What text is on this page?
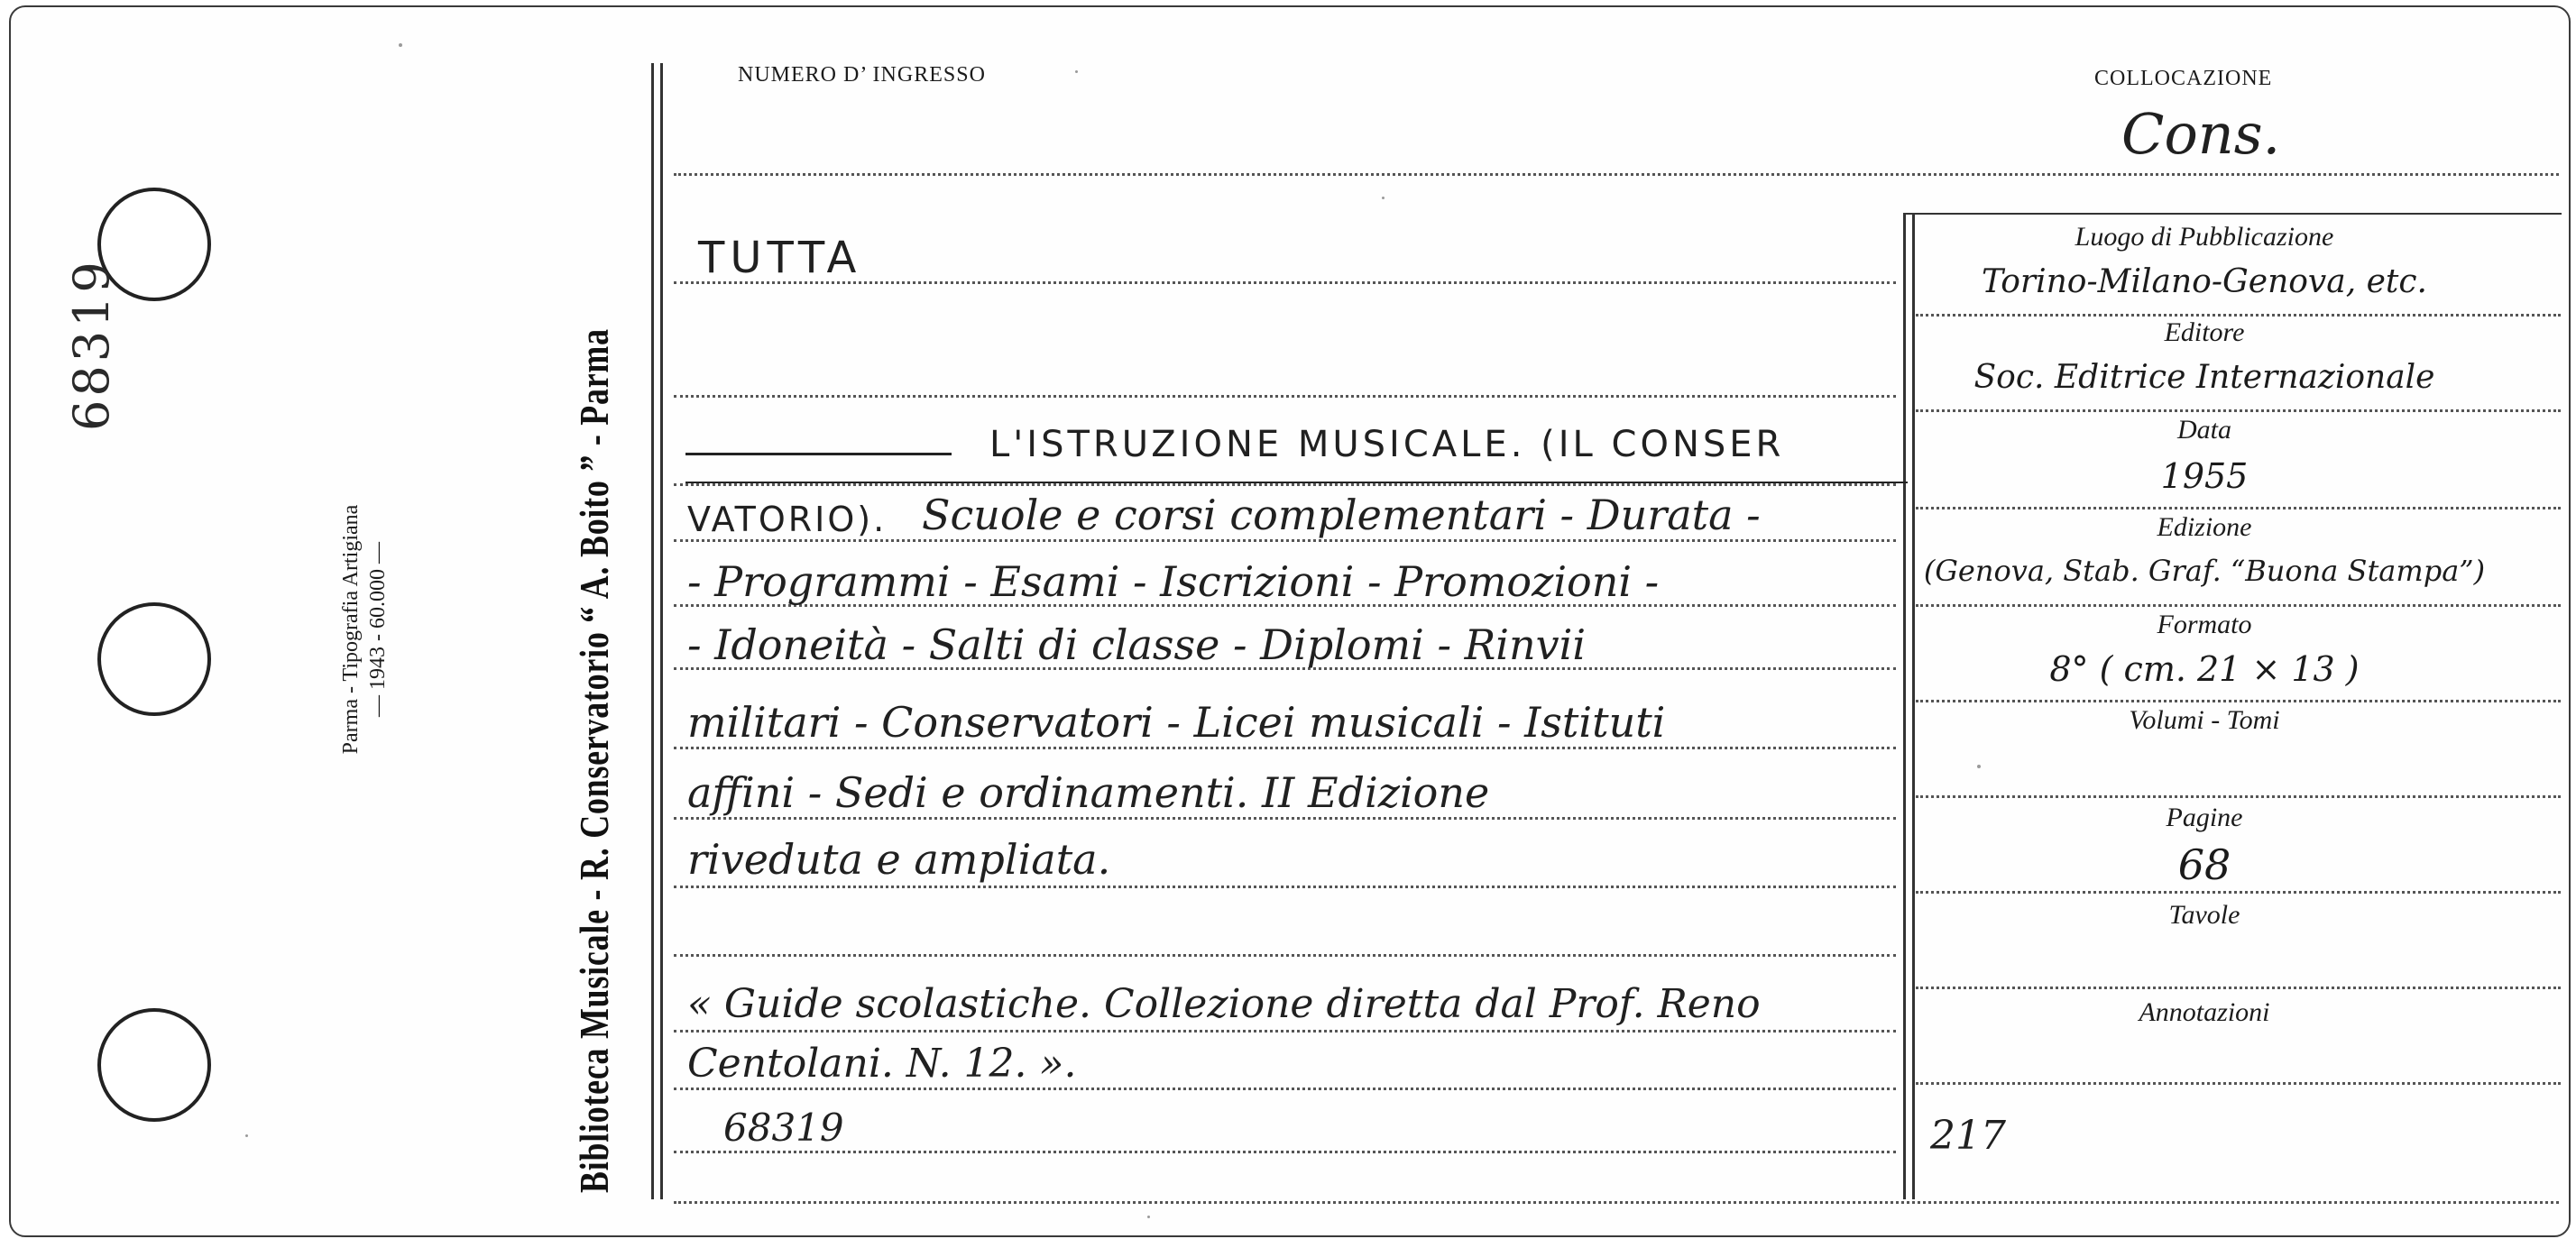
68319
Parma - Tipografia Artigiana — 1943 - 60.000 —	Biblioteca Musicale - R. Conservatorio “ A. Boito ” - Parma
NUMERO D’ INGRESSO	COLLOCAZIONE
Cons.
TUTTA
L'ISTRUZIONE MUSICALE. (IL CONSER
VATORIO). Scuole e corsi complementari - Durata -
- Programmi - Esami - Iscrizioni - Promozioni -
- Idoneità - Salti di classe - Diplomi - Rinvii
militari - Conservatori - Licei musicali - Istituti
affini - Sedi e ordinamenti. II Edizione
riveduta e ampliata.
« Guide scolastiche. Collezione diretta dal Prof. Reno
Centolani. N. 12. ».
68319
Luogo di Pubblicazione
Torino-Milano-Genova, etc.
Editore
Soc. Editrice Internazionale
Data
1955
Edizione
(Genova, Stab. Graf. “Buona Stampa”)
Formato
8° ( cm. 21 × 13 )
Volumi - Tomi
Pagine
68
Tavole
Annotazioni
217
